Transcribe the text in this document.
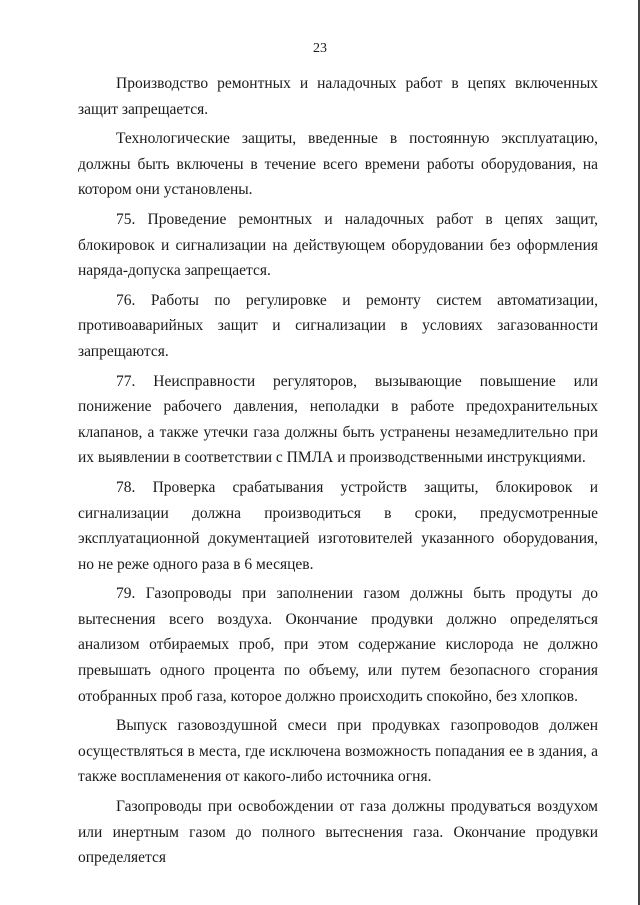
23

Производство ремонтных и наладочных работ в цепях включенных защит запрещается.

Технологические защиты, введенные в постоянную эксплуатацию, должны быть включены в течение всего времени работы оборудования, на котором они установлены.

75. Проведение ремонтных и наладочных работ в цепях защит, блокировок и сигнализации на действующем оборудовании без оформления наряда-допуска запрещается.

76. Работы по регулировке и ремонту систем автоматизации, противоаварийных защит и сигнализации в условиях загазованности запрещаются.

77. Неисправности регуляторов, вызывающие повышение или понижение рабочего давления, неполадки в работе предохранительных клапанов, а также утечки газа должны быть устранены незамедлительно при их выявлении в соответствии с ПМЛА и производственными инструкциями.

78. Проверка срабатывания устройств защиты, блокировок и сигнализации должна производиться в сроки, предусмотренные эксплуатационной документацией изготовителей указанного оборудования, но не реже одного раза в 6 месяцев.

79. Газопроводы при заполнении газом должны быть продуты до вытеснения всего воздуха. Окончание продувки должно определяться анализом отбираемых проб, при этом содержание кислорода не должно превышать одного процента по объему, или путем безопасного сгорания отобранных проб газа, которое должно происходить спокойно, без хлопков.

Выпуск газовоздушной смеси при продувках газопроводов должен осуществляться в места, где исключена возможность попадания ее в здания, а также воспламенения от какого-либо источника огня.

Газопроводы при освобождении от газа должны продуваться воздухом или инертным газом до полного вытеснения газа. Окончание продувки определяется
